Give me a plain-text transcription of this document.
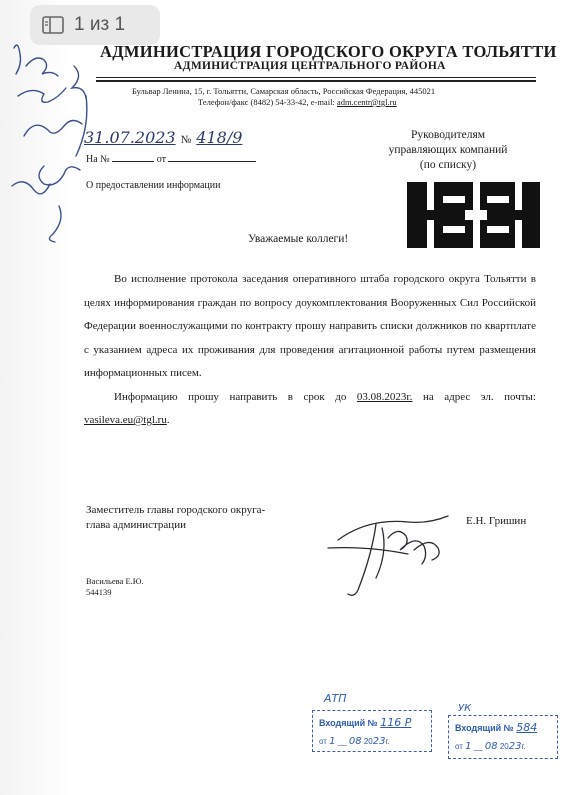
1 из 1
АДМИНИСТРАЦИЯ ГОРОДСКОГО ОКРУГА ТОЛЬЯТТИ
АДМИНИСТРАЦИЯ ЦЕНТРАЛЬНОГО РАЙОНА
Бульвар Ленина, 15, г. Тольятти, Самарская область, Российская Федерация, 445021
Телефон/факс (8482) 54-33-42, e-mail: adm.centr@tgl.ru
31.07.2023 № 418/9
На №	от
О предоставлении информации
Руководителям
управляющих компаний
(по списку)
Уважаемые коллеги!

Во исполнение протокола заседания оперативного штаба городского округа Тольятти в целях информирования граждан по вопросу доукомплектования Вооруженных Сил Российской Федерации военнослужащими по контракту прошу направить списки должников по квартплате с указанием адреса их проживания для проведения агитационной работы путем размещения информационных писем.

Информацию прошу направить в срок до 03.08.2023г. на адрес эл. почты: vasileva.eu@tgl.ru.

Заместитель главы городского округа-
глава администрации	Е.Н. Гришин
Васильева Е.Ю.
544139
АТП
Входящий № 116 Р
от 1 __ 08 2023г.
УК
Входящий № 584
от 1 __ 08 2023г.
